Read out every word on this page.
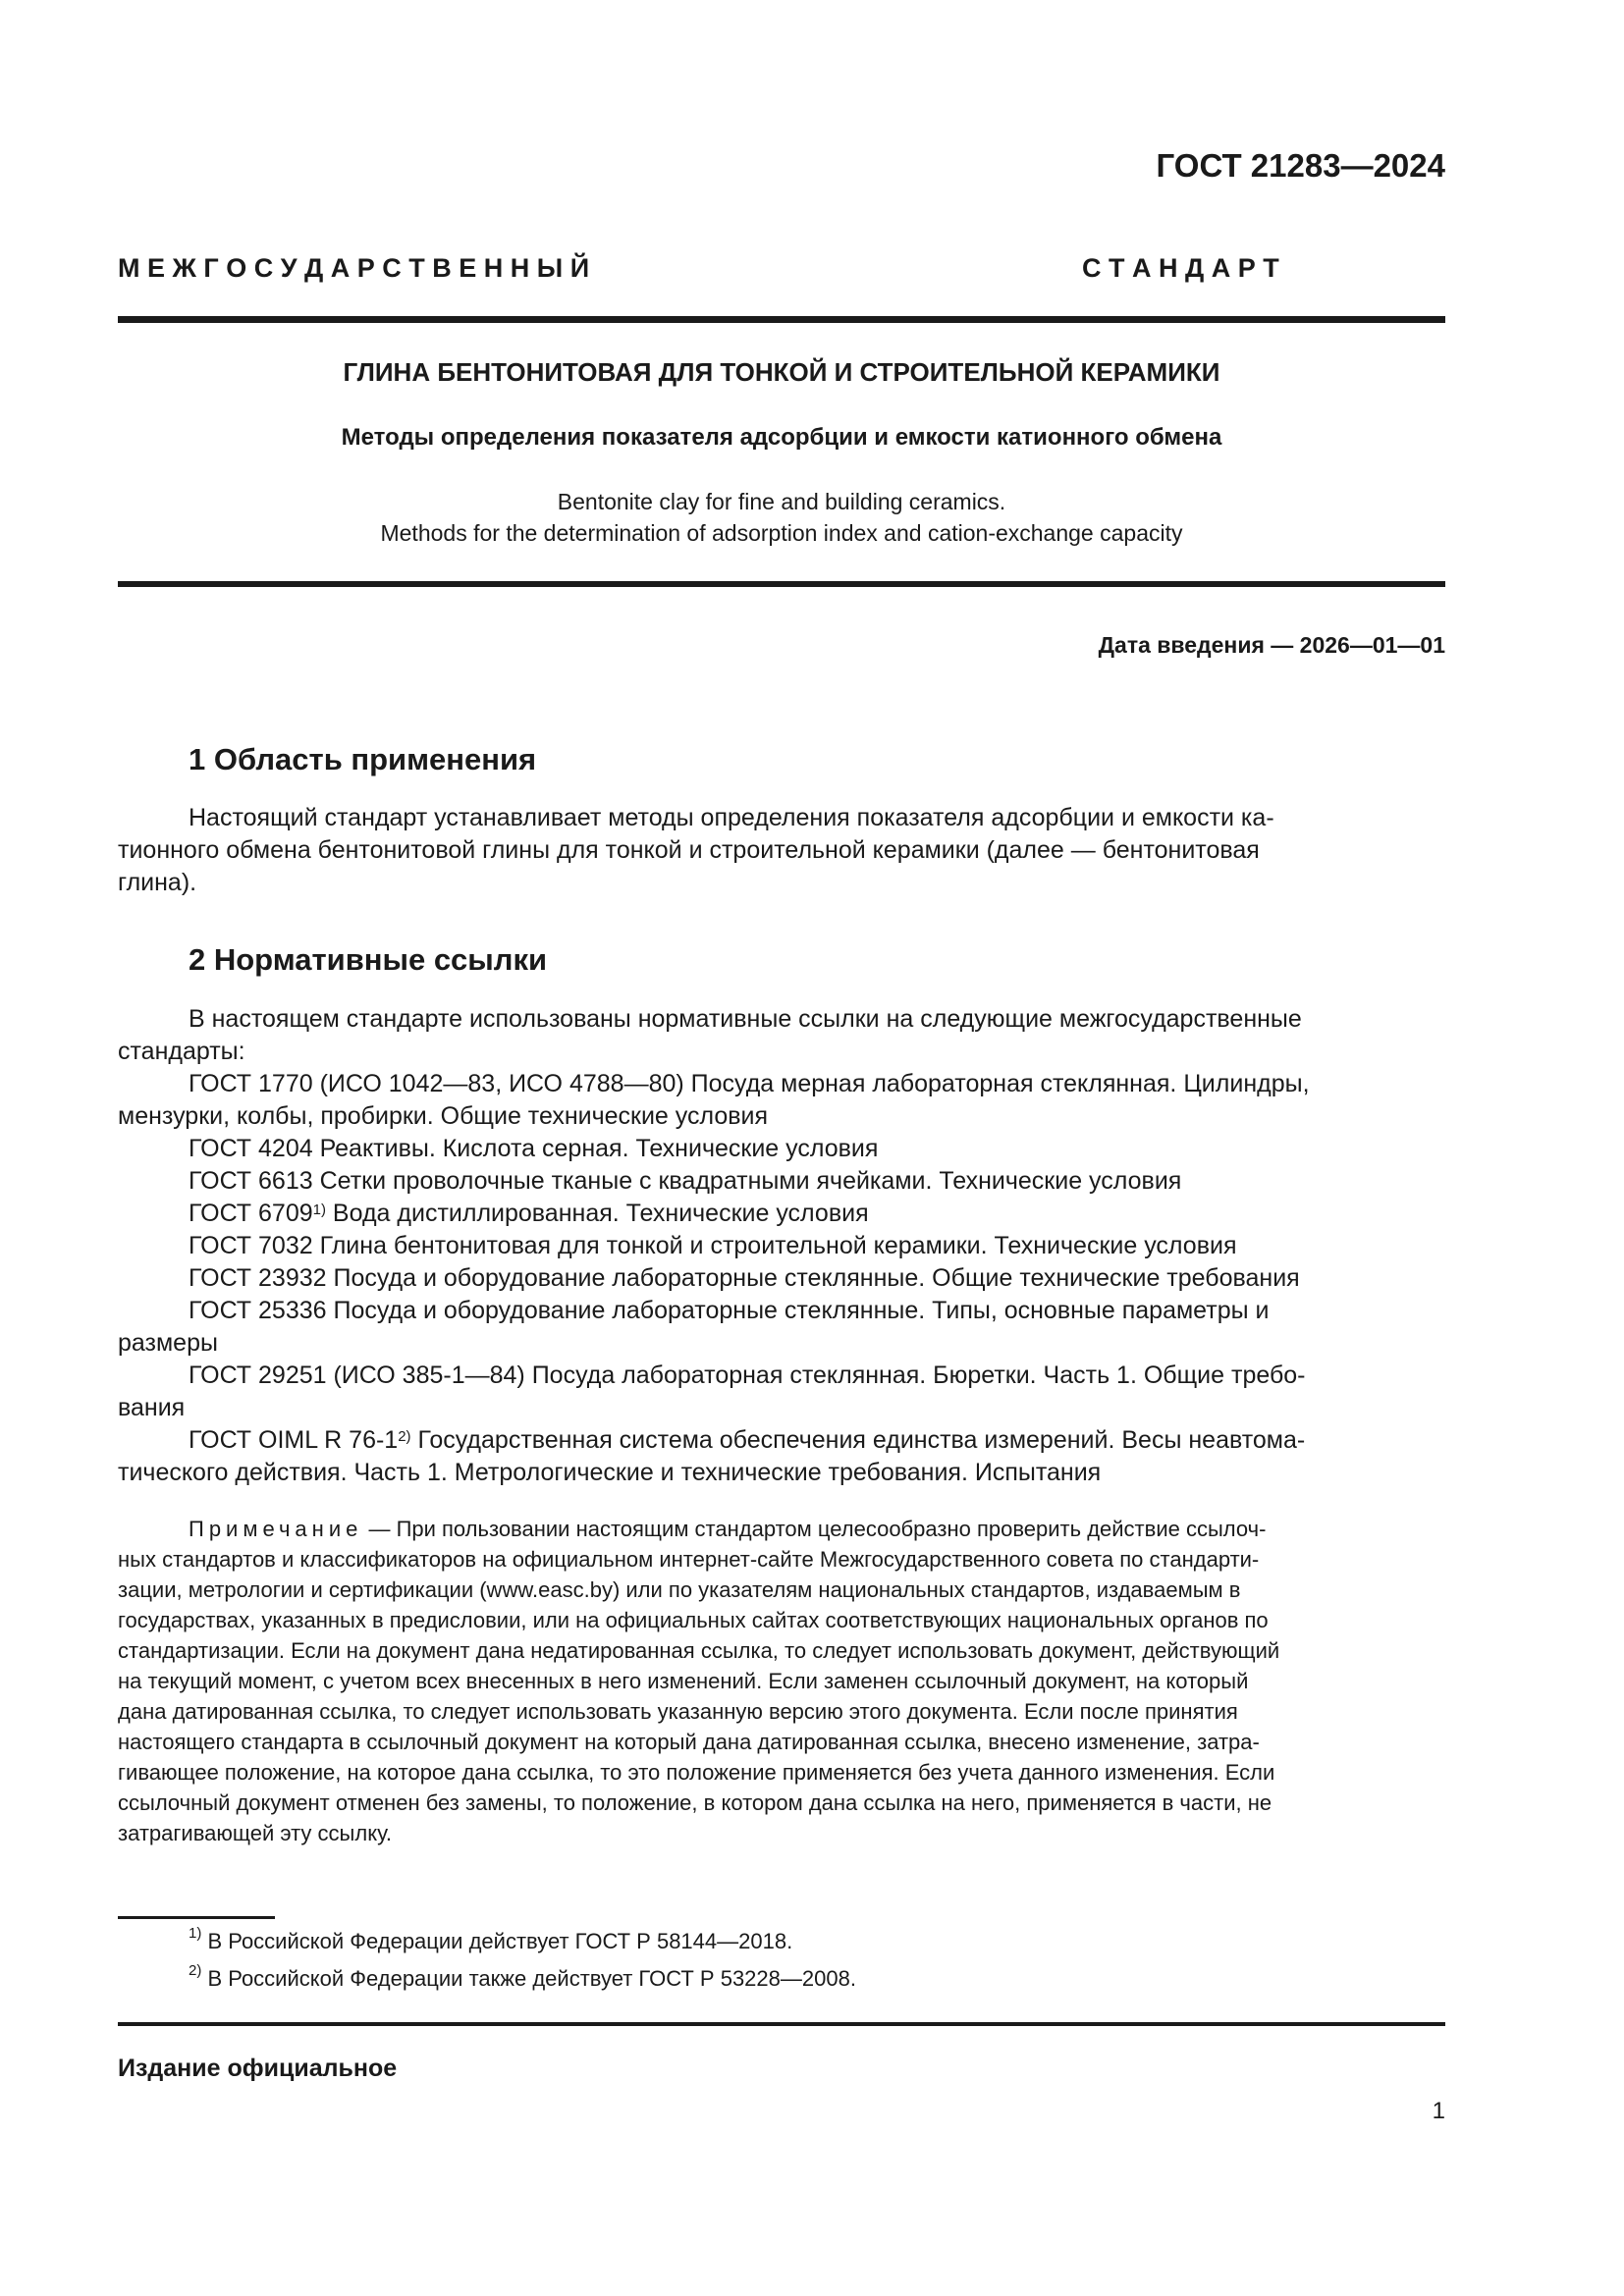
ГОСТ 21283—2024
М Е Ж Г О С У Д А Р С Т В Е Н Н Ы Й	С Т А Н Д А Р Т
ГЛИНА БЕНТОНИТОВАЯ ДЛЯ ТОНКОЙ И СТРОИТЕЛЬНОЙ КЕРАМИКИ
Методы определения показателя адсорбции и емкости катионного обмена
Bentonite clay for fine and building ceramics.
Methods for the determination of adsorption index and cation-exchange capacity
Дата введения — 2026—01—01
1 Область применения
Настоящий стандарт устанавливает методы определения показателя адсорбции и емкости ка-
тионного обмена бентонитовой глины для тонкой и строительной керамики (далее — бентонитовая
глина).
2 Нормативные ссылки
В настоящем стандарте использованы нормативные ссылки на следующие межгосударственные
стандарты:
ГОСТ 1770 (ИСО 1042—83, ИСО 4788—80) Посуда мерная лабораторная стеклянная. Цилиндры,
мензурки, колбы, пробирки. Общие технические условия
ГОСТ 4204 Реактивы. Кислота серная. Технические условия
ГОСТ 6613 Сетки проволочные тканые с квадратными ячейками. Технические условия
ГОСТ 6709$^{1)}$ Вода дистиллированная. Технические условия
ГОСТ 7032 Глина бентонитовая для тонкой и строительной керамики. Технические условия
ГОСТ 23932 Посуда и оборудование лабораторные стеклянные. Общие технические требования
ГОСТ 25336 Посуда и оборудование лабораторные стеклянные. Типы, основные параметры и
размеры
ГОСТ 29251 (ИСО 385-1—84) Посуда лабораторная стеклянная. Бюретки. Часть 1. Общие требо-
вания
ГОСТ OIML R 76-1$^{2)}$ Государственная система обеспечения единства измерений. Весы неавтома-
тического действия. Часть 1. Метрологические и технические требования. Испытания
Примечание — При пользовании настоящим стандартом целесообразно проверить действие ссылоч-
ных стандартов и классификаторов на официальном интернет-сайте Межгосударственного совета по стандарти-
зации, метрологии и сертификации (www.easc.by) или по указателям национальных стандартов, издаваемым в
государствах, указанных в предисловии, или на официальных сайтах соответствующих национальных органов по
стандартизации. Если на документ дана недатированная ссылка, то следует использовать документ, действующий
на текущий момент, с учетом всех внесенных в него изменений. Если заменен ссылочный документ, на который
дана датированная ссылка, то следует использовать указанную версию этого документа. Если после принятия
настоящего стандарта в ссылочный документ на который дана датированная ссылка, внесено изменение, затра-
гивающее положение, на которое дана ссылка, то это положение применяется без учета данного изменения. Если
ссылочный документ отменен без замены, то положение, в котором дана ссылка на него, применяется в части, не
затрагивающей эту ссылку.
$^{1)}$ В Российской Федерации действует ГОСТ Р 58144—2018.
$^{2)}$ В Российской Федерации также действует ГОСТ Р 53228—2008.
Издание официальное
1
